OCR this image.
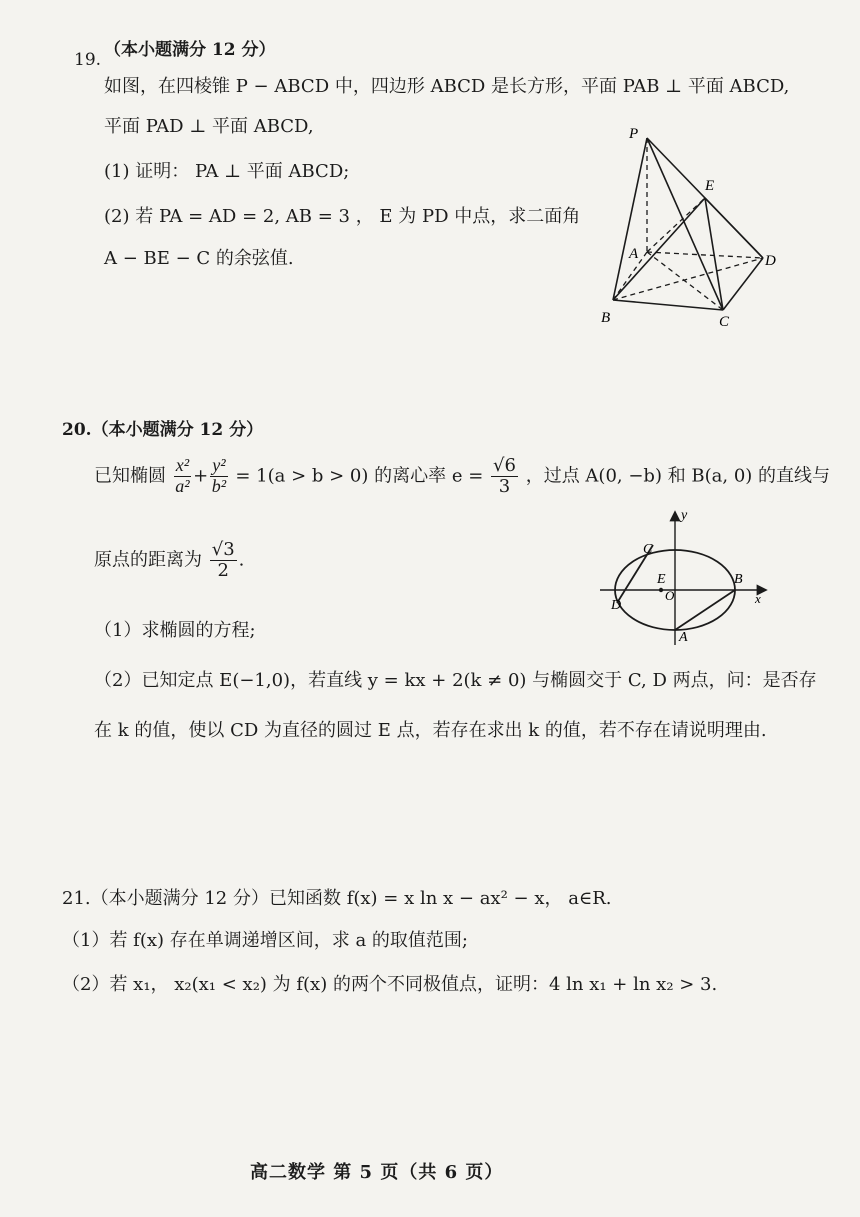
19. （本小题满分 12 分）
如图，在四棱锥 P − ABCD 中，四边形 ABCD 是长方形，平面 PAB ⊥ 平面 ABCD,
平面 PAD ⊥ 平面 ABCD,
(1) 证明： PA ⊥ 平面 ABCD;
(2) 若 PA = AD = 2, AB = 3 ， E 为 PD 中点，求二面角
A − BE − C 的余弦值.
P
E
A	D
B	C
20.（本小题满分 12 分）
已知椭圆 $\frac{\text{x²}}{\text{a²}} + \frac{\text{y²}}{\text{b²}} = 1(a > b > 0)$ 的离心率 $e = \frac{√6}{3}$ ，过点 A(0, −b) 和 B(a, 0) 的直线与
原点的距离为 $\frac{√3}{2}$ .
（1）求椭圆的方程;
（2）已知定点 E(−1,0)，若直线 y = kx + 2(k ≠ 0) 与椭圆交于 C, D 两点，问：是否存
在 k 的值，使以 CD 为直径的圆过 E 点，若存在求出 k 的值，若不存在请说明理由.
y
C
E
O
B
D	x
A
21.（本小题满分 12 分）已知函数 f(x) = x ln x − ax² − x， a∈R.
（1）若 f(x) 存在单调递增区间，求 a 的取值范围;
（2）若 x₁， x₂(x₁ < x₂) 为 f(x) 的两个不同极值点，证明：4 ln x₁ + ln x₂ > 3.
高二数学 第 5 页（共 6 页）
